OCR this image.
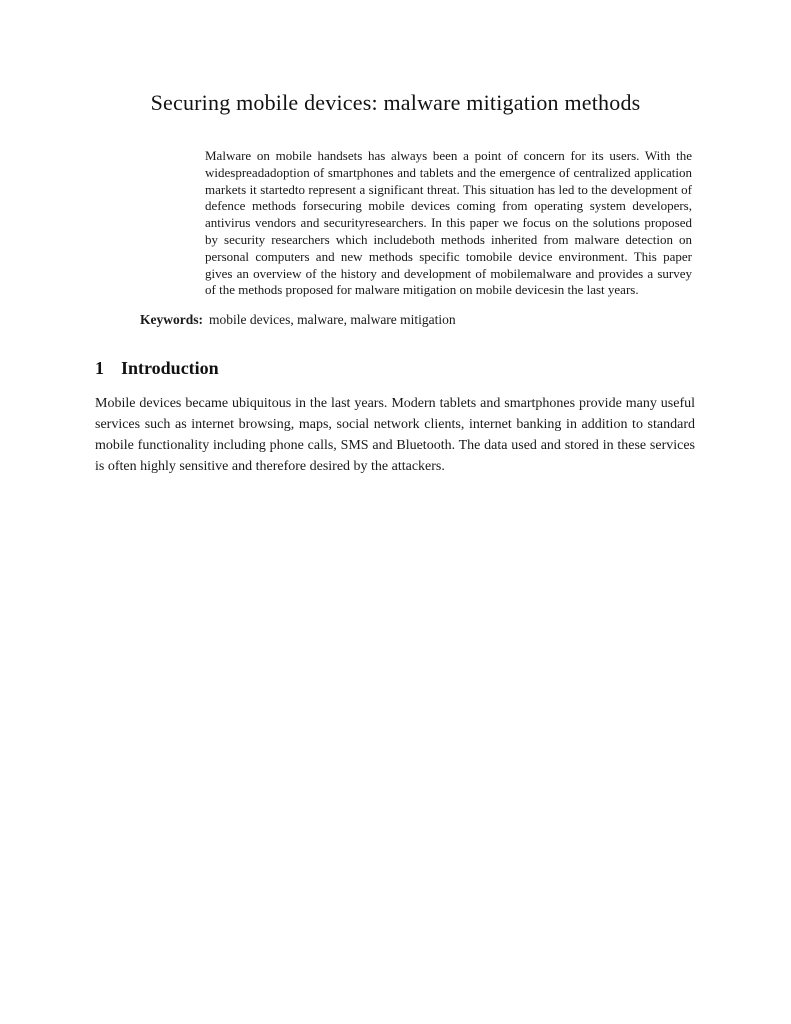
Securing mobile devices: malware mitigation methods

Malware on mobile handsets has always been a point of concern for its users. With the widespreadadoption of smartphones and tablets and the emergence of centralized application markets it startedto represent a significant threat. This situation has led to the development of defence methods forsecuring mobile devices coming from operating system developers, antivirus vendors and securityresearchers. In this paper we focus on the solutions proposed by security researchers which includeboth methods inherited from malware detection on personal computers and new methods specific tomobile device environment. This paper gives an overview of the history and development of mobilemalware and provides a survey of the methods proposed for malware mitigation on mobile devicesin the last years.

Keywords: mobile devices, malware, malware mitigation

1 Introduction

Mobile devices became ubiquitous in the last years. Modern tablets and smartphones provide many useful services such as internet browsing, maps, social network clients, internet banking in addition to standard mobile functionality including phone calls, SMS and Bluetooth. The data used and stored in these services is often highly sensitive and therefore desired by the attackers.
